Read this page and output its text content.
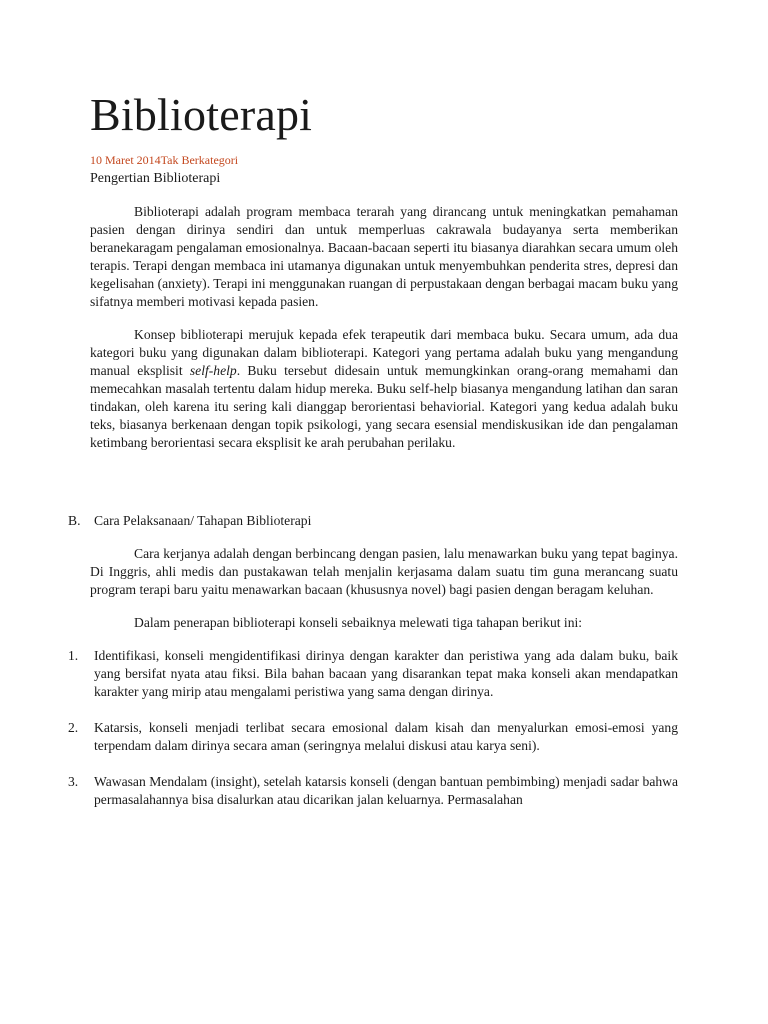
Biblioterapi
10 Maret 2014Tak Berkategori
Pengertian Biblioterapi

Biblioterapi adalah program membaca terarah yang dirancang untuk meningkatkan pemahaman pasien dengan dirinya sendiri dan untuk memperluas cakrawala budayanya serta memberikan beranekaragam pengalaman emosionalnya. Bacaan-bacaan seperti itu biasanya diarahkan secara umum oleh terapis. Terapi dengan membaca ini utamanya digunakan untuk menyembuhkan penderita stres, depresi dan kegelisahan (anxiety). Terapi ini menggunakan ruangan di perpustakaan dengan berbagai macam buku yang sifatnya memberi motivasi kepada pasien.

Konsep biblioterapi merujuk kepada efek terapeutik dari membaca buku. Secara umum, ada dua kategori buku yang digunakan dalam biblioterapi. Kategori yang pertama adalah buku yang mengandung manual eksplisit self-help. Buku tersebut didesain untuk memungkinkan orang-orang memahami dan memecahkan masalah tertentu dalam hidup mereka. Buku self-help biasanya mengandung latihan dan saran tindakan, oleh karena itu sering kali dianggap berorientasi behaviorial. Kategori yang kedua adalah buku teks, biasanya berkenaan dengan topik psikologi, yang secara esensial mendiskusikan ide dan pengalaman ketimbang berorientasi secara eksplisit ke arah perubahan perilaku.

B. Cara Pelaksanaan/ Tahapan Biblioterapi

Cara kerjanya adalah dengan berbincang dengan pasien, lalu menawarkan buku yang tepat baginya. Di Inggris, ahli medis dan pustakawan telah menjalin kerjasama dalam suatu tim guna merancang suatu program terapi baru yaitu menawarkan bacaan (khususnya novel) bagi pasien dengan beragam keluhan.

Dalam penerapan biblioterapi konseli sebaiknya melewati tiga tahapan berikut ini:

1.	Identifikasi, konseli mengidentifikasi dirinya dengan karakter dan peristiwa yang ada dalam buku, baik yang bersifat nyata atau fiksi. Bila bahan bacaan yang disarankan tepat maka konseli akan mendapatkan karakter yang mirip atau mengalami peristiwa yang sama dengan dirinya.
2.	Katarsis, konseli menjadi terlibat secara emosional dalam kisah dan menyalurkan emosi-emosi yang terpendam dalam dirinya secara aman (seringnya melalui diskusi atau karya seni).
3.	Wawasan Mendalam (insight), setelah katarsis konseli (dengan bantuan pembimbing) menjadi sadar bahwa permasalahannya bisa disalurkan atau dicarikan jalan keluarnya. Permasalahan
